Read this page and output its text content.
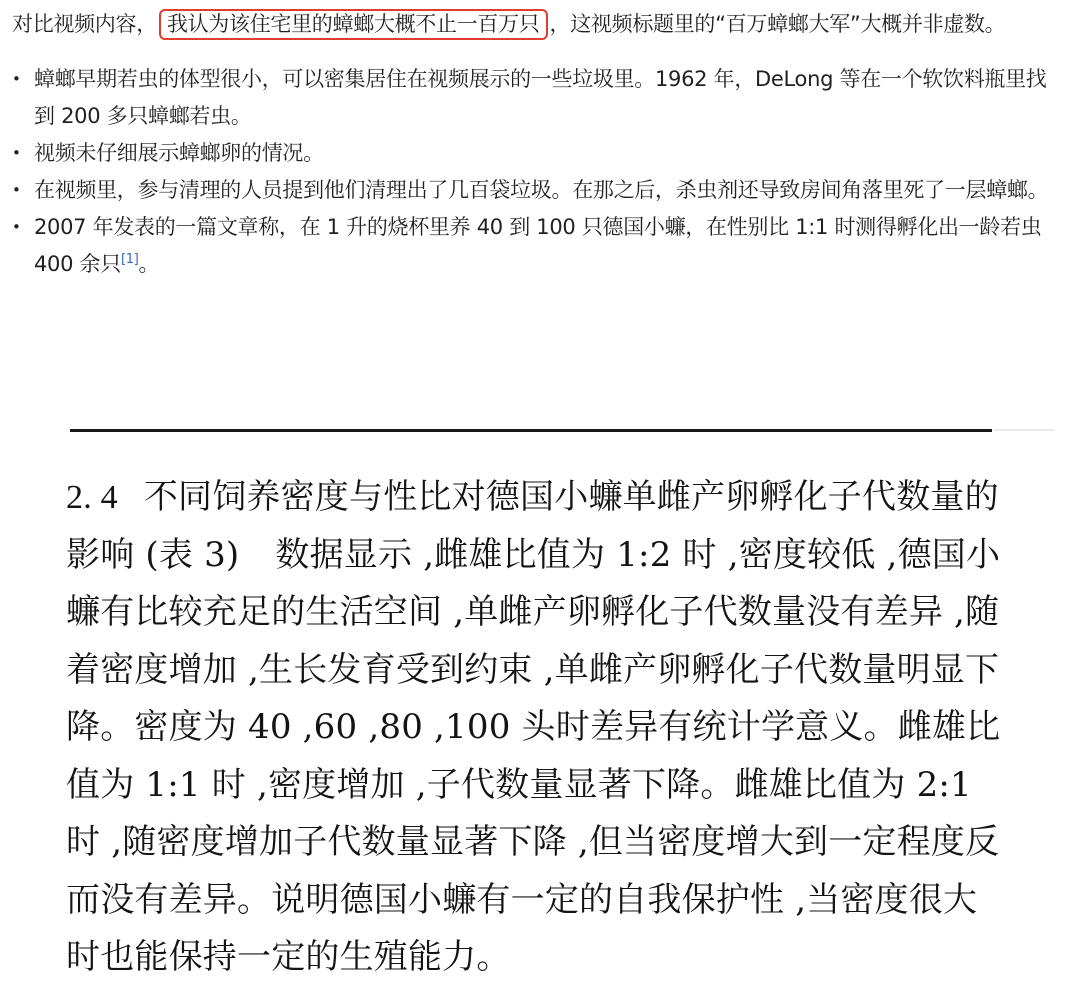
对比视频内容， 我认为该住宅里的蟑螂大概不止一百万只 ，这视频标题里的“百万蟑螂大军”大概并非虚数。

• 蟑螂早期若虫的体型很小，可以密集居住在视频展示的一些垃圾里。1962 年，DeLong 等在一个软饮料瓶里找到 200 多只蟑螂若虫。
• 视频未仔细展示蟑螂卵的情况。
• 在视频里，参与清理的人员提到他们清理出了几百袋垃圾。在那之后，杀虫剂还导致房间角落里死了一层蟑螂。
• 2007 年发表的一篇文章称，在 1 升的烧杯里养 40 到 100 只德国小蠊，在性别比 1:1 时测得孵化出一龄若虫 400 余只[1]。

2. 4 不同饲养密度与性比对德国小蠊单雌产卵孵化子代数量的影响 (表 3) 数据显示 ,雌雄比值为 1:2 时 ,密度较低 ,德国小蠊有比较充足的生活空间 ,单雌产卵孵化子代数量没有差异 ,随着密度增加 ,生长发育受到约束 ,单雌产卵孵化子代数量明显下降。密度为 40 ,60 ,80 ,100 头时差异有统计学意义。雌雄比值为 1:1 时 ,密度增加 ,子代数量显著下降。雌雄比值为 2:1 时 ,随密度增加子代数量显著下降 ,但当密度增大到一定程度反而没有差异。说明德国小蠊有一定的自我保护性 ,当密度很大时也能保持一定的生殖能力。
